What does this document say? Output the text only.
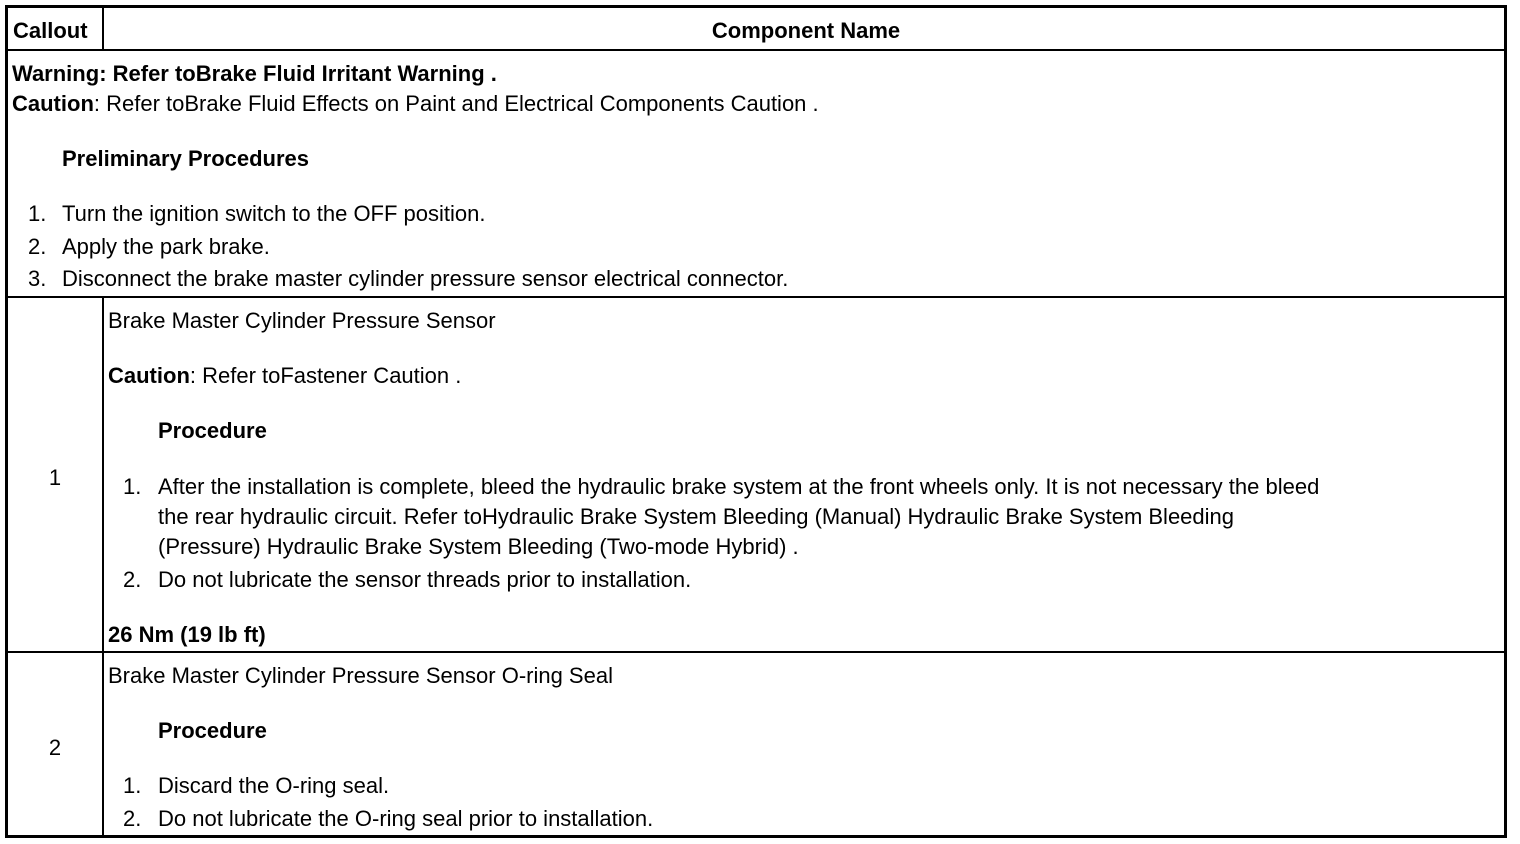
Callout	Component Name
Warning: Refer toBrake Fluid Irritant Warning .
Caution: Refer toBrake Fluid Effects on Paint and Electrical Components Caution .
Preliminary Procedures
1. Turn the ignition switch to the OFF position.
2. Apply the park brake.
3. Disconnect the brake master cylinder pressure sensor electrical connector.
1
Brake Master Cylinder Pressure Sensor
Caution: Refer toFastener Caution .
Procedure
1. After the installation is complete, bleed the hydraulic brake system at the front wheels only. It is not necessary the bleed
the rear hydraulic circuit. Refer toHydraulic Brake System Bleeding (Manual) Hydraulic Brake System Bleeding
(Pressure) Hydraulic Brake System Bleeding (Two-mode Hybrid) .
2. Do not lubricate the sensor threads prior to installation.
26 Nm (19 lb ft)
2
Brake Master Cylinder Pressure Sensor O-ring Seal
Procedure
1. Discard the O-ring seal.
2. Do not lubricate the O-ring seal prior to installation.
